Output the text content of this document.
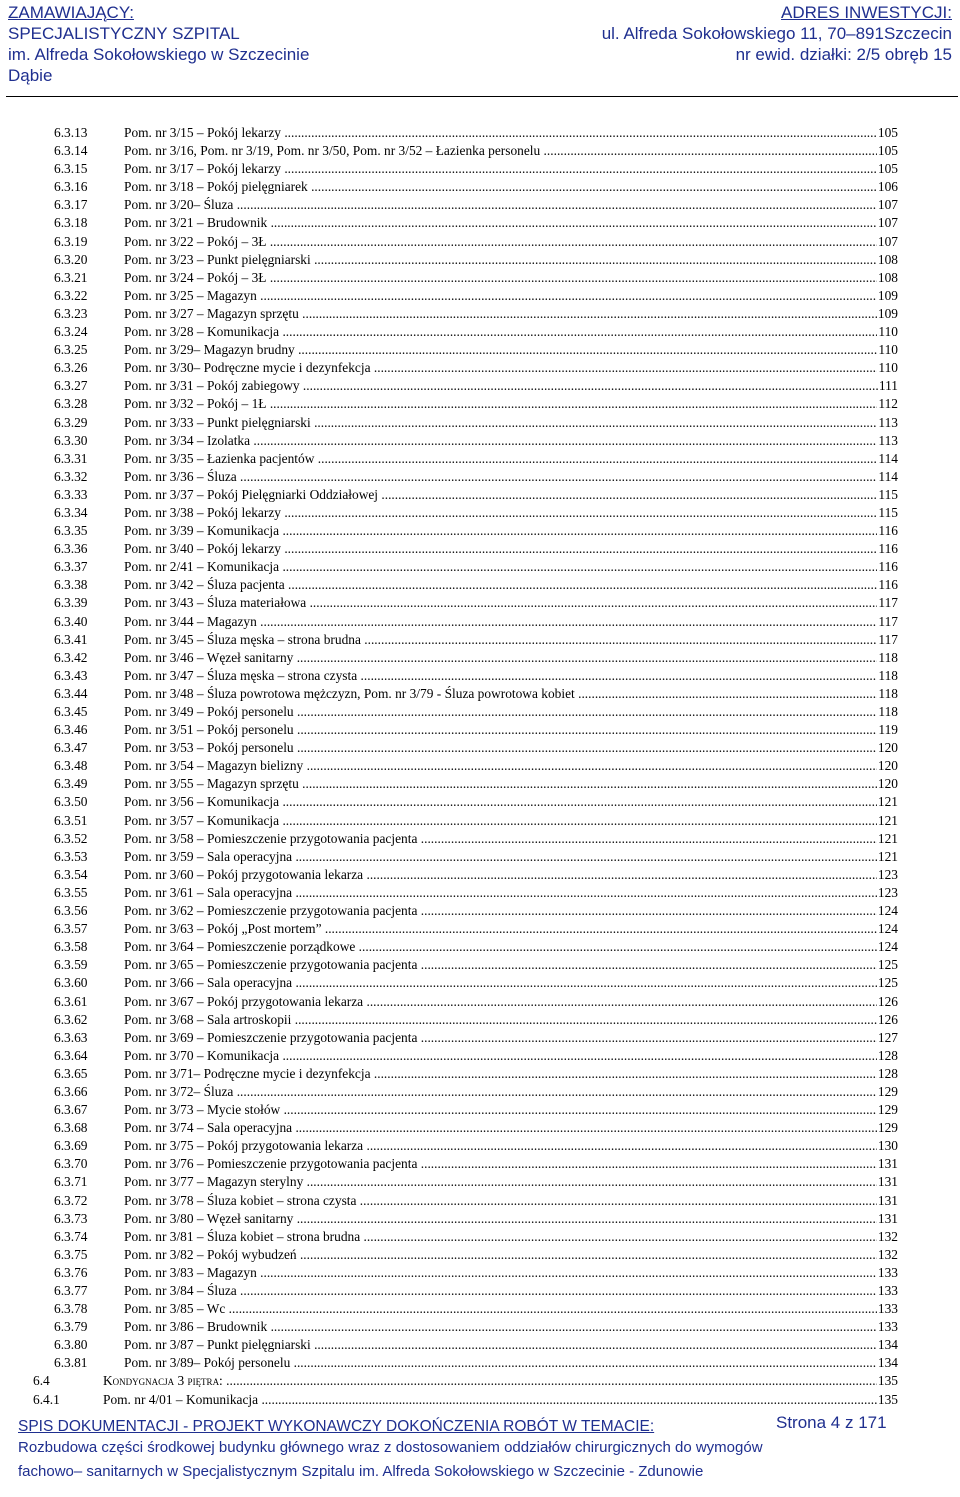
ZAMAWIAJĄCY:
SPECJALISTYCZNY SZPITAL
im. Alfreda Sokołowskiego w Szczecinie
Dąbie
ADRES INWESTYCJI:
ul. Alfreda Sokołowskiego 11, 70–891Szczecin
nr ewid. działki: 2/5 obręb 15
6.3.13	Pom. nr 3/15 – Pokój lekarzy .....	105
6.3.14	Pom. nr 3/16, Pom. nr 3/19, Pom. nr 3/50, Pom. nr 3/52 – Łazienka personelu .....	105
6.3.15	Pom. nr 3/17 – Pokój lekarzy .....	105
6.3.16	Pom. nr 3/18 – Pokój pielęgniarek .....	106
6.3.17	Pom. nr 3/20– Śluza .....	107
6.3.18	Pom. nr 3/21 – Brudownik .....	107
6.3.19	Pom. nr 3/22 – Pokój – 3Ł .....	107
6.3.20	Pom. nr 3/23 – Punkt pielęgniarski .....	108
6.3.21	Pom. nr 3/24 – Pokój – 3Ł .....	108
6.3.22	Pom. nr 3/25 – Magazyn .....	109
6.3.23	Pom. nr 3/27 – Magazyn sprzętu .....	109
6.3.24	Pom. nr 3/28 – Komunikacja .....	110
6.3.25	Pom. nr 3/29– Magazyn brudny .....	110
6.3.26	Pom. nr 3/30– Podręczne mycie i dezynfekcja .....	110
6.3.27	Pom. nr 3/31 – Pokój zabiegowy .....	111
6.3.28	Pom. nr 3/32 – Pokój – 1Ł .....	112
6.3.29	Pom. nr 3/33 – Punkt pielęgniarski .....	113
6.3.30	Pom. nr 3/34 – Izolatka .....	113
6.3.31	Pom. nr 3/35 – Łazienka pacjentów .....	114
6.3.32	Pom. nr 3/36 – Śluza .....	114
6.3.33	Pom. nr 3/37 – Pokój Pielęgniarki Oddziałowej .....	115
6.3.34	Pom. nr 3/38 – Pokój lekarzy .....	115
6.3.35	Pom. nr 3/39 – Komunikacja .....	116
6.3.36	Pom. nr 3/40 – Pokój lekarzy .....	116
6.3.37	Pom. nr 2/41 – Komunikacja .....	116
6.3.38	Pom. nr 3/42 – Śluza pacjenta .....	116
6.3.39	Pom. nr 3/43 – Śluza materiałowa .....	117
6.3.40	Pom. nr 3/44 – Magazyn .....	117
6.3.41	Pom. nr 3/45 – Śluza męska – strona brudna .....	117
6.3.42	Pom. nr 3/46 – Węzeł sanitarny .....	118
6.3.43	Pom. nr 3/47 – Śluza męska – strona czysta .....	118
6.3.44	Pom. nr 3/48 – Śluza powrotowa mężczyzn, Pom. nr 3/79 - Śluza powrotowa kobiet .....	118
6.3.45	Pom. nr 3/49 – Pokój personelu .....	118
6.3.46	Pom. nr 3/51 – Pokój personelu .....	119
6.3.47	Pom. nr 3/53 – Pokój personelu .....	120
6.3.48	Pom. nr 3/54 – Magazyn bielizny .....	120
6.3.49	Pom. nr 3/55 – Magazyn sprzętu .....	120
6.3.50	Pom. nr 3/56 – Komunikacja .....	121
6.3.51	Pom. nr 3/57 – Komunikacja .....	121
6.3.52	Pom. nr 3/58 – Pomieszczenie przygotowania pacjenta .....	121
6.3.53	Pom. nr 3/59 – Sala operacyjna .....	121
6.3.54	Pom. nr 3/60 – Pokój przygotowania lekarza .....	123
6.3.55	Pom. nr 3/61 – Sala operacyjna .....	123
6.3.56	Pom. nr 3/62 – Pomieszczenie przygotowania pacjenta .....	124
6.3.57	Pom. nr 3/63 – Pokój „Post mortem” .....	124
6.3.58	Pom. nr 3/64 – Pomieszczenie porządkowe .....	124
6.3.59	Pom. nr 3/65 – Pomieszczenie przygotowania pacjenta .....	125
6.3.60	Pom. nr 3/66 – Sala operacyjna .....	125
6.3.61	Pom. nr 3/67 – Pokój przygotowania lekarza .....	126
6.3.62	Pom. nr 3/68 – Sala artroskopii .....	126
6.3.63	Pom. nr 3/69 – Pomieszczenie przygotowania pacjenta .....	127
6.3.64	Pom. nr 3/70 – Komunikacja .....	128
6.3.65	Pom. nr 3/71– Podręczne mycie i dezynfekcja .....	128
6.3.66	Pom. nr 3/72– Śluza .....	129
6.3.67	Pom. nr 3/73 – Mycie stołów .....	129
6.3.68	Pom. nr 3/74 – Sala operacyjna .....	129
6.3.69	Pom. nr 3/75 – Pokój przygotowania lekarza .....	130
6.3.70	Pom. nr 3/76 – Pomieszczenie przygotowania pacjenta .....	131
6.3.71	Pom. nr 3/77 – Magazyn sterylny .....	131
6.3.72	Pom. nr 3/78 – Śluza kobiet – strona czysta .....	131
6.3.73	Pom. nr 3/80 – Węzeł sanitarny .....	131
6.3.74	Pom. nr 3/81 – Śluza kobiet – strona brudna .....	132
6.3.75	Pom. nr 3/82 – Pokój wybudzeń .....	132
6.3.76	Pom. nr 3/83 – Magazyn .....	133
6.3.77	Pom. nr 3/84 – Śluza .....	133
6.3.78	Pom. nr 3/85 – Wc .....	133
6.3.79	Pom. nr 3/86 – Brudownik .....	133
6.3.80	Pom. nr 3/87 – Punkt pielęgniarski .....	134
6.3.81	Pom. nr 3/89– Pokój personelu .....	134
6.4	Kondygnacja 3 piętra: .....	135
6.4.1	Pom. nr 4/01 – Komunikacja .....	135
SPIS DOKUMENTACJI - PROJEKT WYKONAWCZY DOKOŃCZENIA ROBÓT W TEMACIE:	Strona 4 z 171
Rozbudowa części środkowej budynku głównego wraz z dostosowaniem oddziałów chirurgicznych do wymogów fachowo– sanitarnych w Specjalistycznym Szpitalu im. Alfreda Sokołowskiego w Szczecinie - Zdunowie
